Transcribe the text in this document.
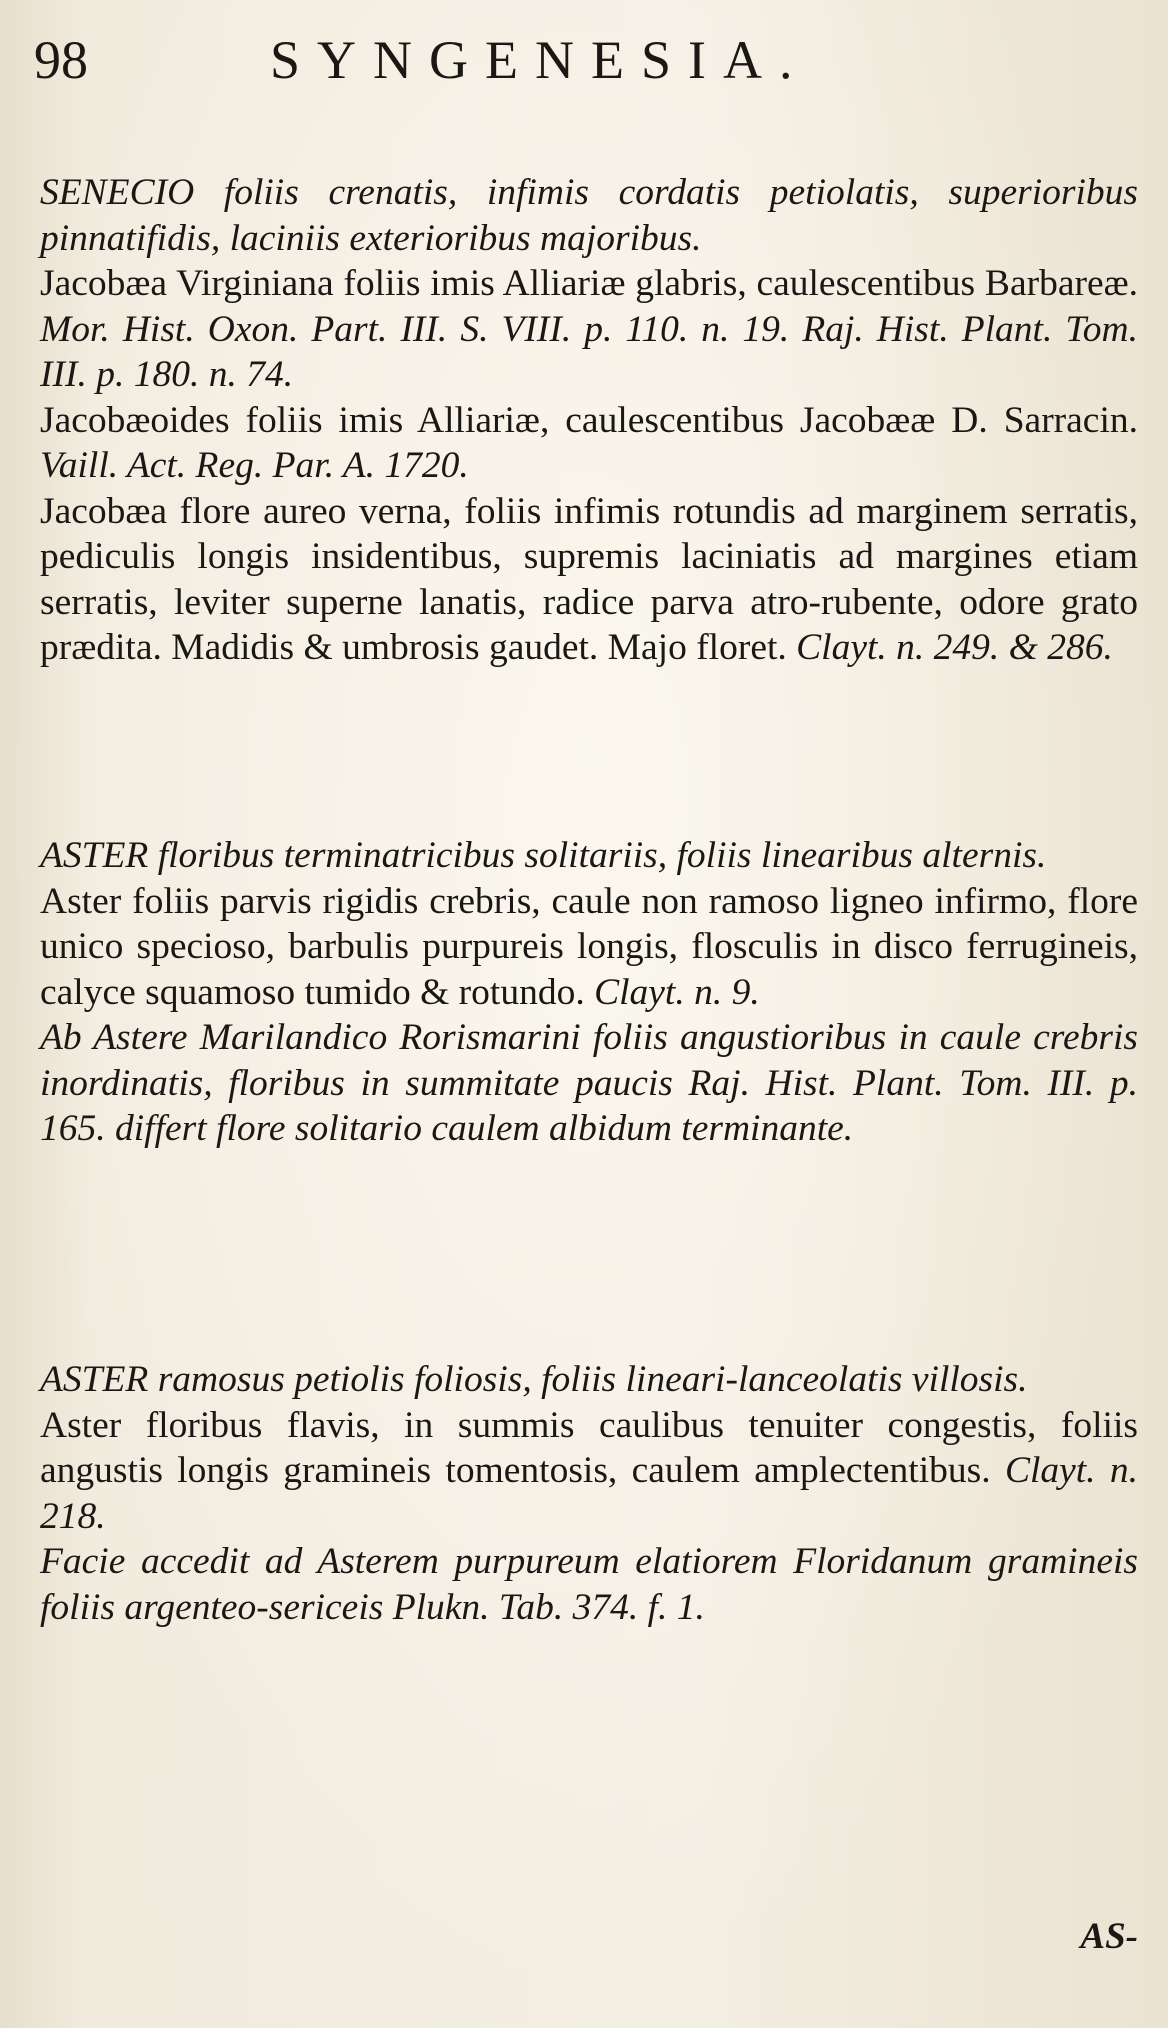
98	SYNGENESIA.

SENECIO foliis crenatis, infimis cordatis petiolatis, superioribus pinnatifidis, laciniis exterioribus majoribus.

Jacobæa Virginiana foliis imis Alliariæ glabris, caulescentibus Barbareæ. Mor. Hist. Oxon. Part. III. S. VIII. p. 110. n. 19. Raj. Hist. Plant. Tom. III. p. 180. n. 74.

Jacobæoides foliis imis Alliariæ, caulescentibus Jacobææ D. Sarracin. Vaill. Act. Reg. Par. A. 1720.

Jacobæa flore aureo verna, foliis infimis rotundis ad marginem serratis, pediculis longis insidentibus, supremis laciniatis ad margines etiam serratis, leviter superne lanatis, radice parva atro-rubente, odore grato prædita. Madidis & umbrosis gaudet. Majo floret. Clayt. n. 249. & 286.

ASTER floribus terminatricibus solitariis, foliis linearibus alternis.

Aster foliis parvis rigidis crebris, caule non ramoso ligneo infirmo, flore unico specioso, barbulis purpureis longis, flosculis in disco ferrugineis, calyce squamoso tumido & rotundo. Clayt. n. 9.

Ab Astere Marilandico Rorismarini foliis angustioribus in caule crebris inordinatis, floribus in summitate paucis Raj. Hist. Plant. Tom. III. p. 165. differt flore solitario caulem albidum terminante.

ASTER ramosus petiolis foliosis, foliis lineari-lanceolatis villosis.

Aster floribus flavis, in summis caulibus tenuiter congestis, foliis angustis longis gramineis tomentosis, caulem amplectentibus. Clayt. n. 218.

Facie accedit ad Asterem purpureum elatiorem Floridanum gramineis foliis argenteo-sericeis Plukn. Tab. 374. f. 1.

AS-
